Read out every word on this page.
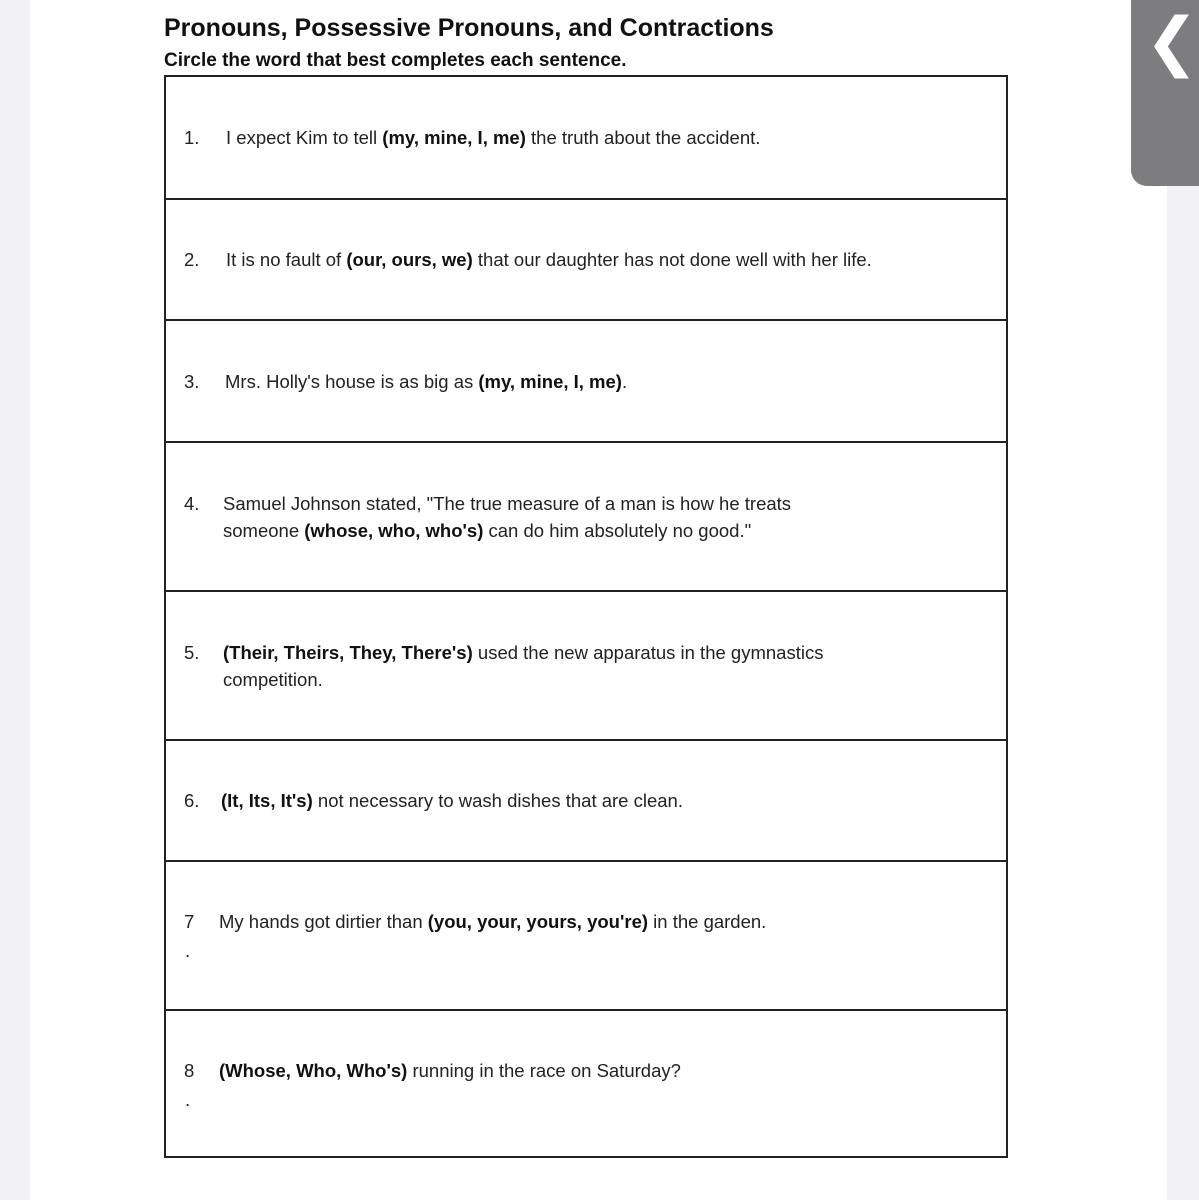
Pronouns, Possessive Pronouns, and Contractions
Circle the word that best completes each sentence.
1. I expect Kim to tell (my, mine, I, me) the truth about the accident.
2. It is no fault of (our, ours, we) that our daughter has not done well with her life.
3. Mrs. Holly's house is as big as (my, mine, I, me).
4. Samuel Johnson stated, "The true measure of a man is how he treats
someone (whose, who, who's) can do him absolutely no good."
5. (Their, Theirs, They, There's) used the new apparatus in the gymnastics
competition.
6. (It, Its, It's) not necessary to wash dishes that are clean.
7
.
My hands got dirtier than (you, your, yours, you're) in the garden.
8
.
(Whose, Who, Who's) running in the race on Saturday?
❮
